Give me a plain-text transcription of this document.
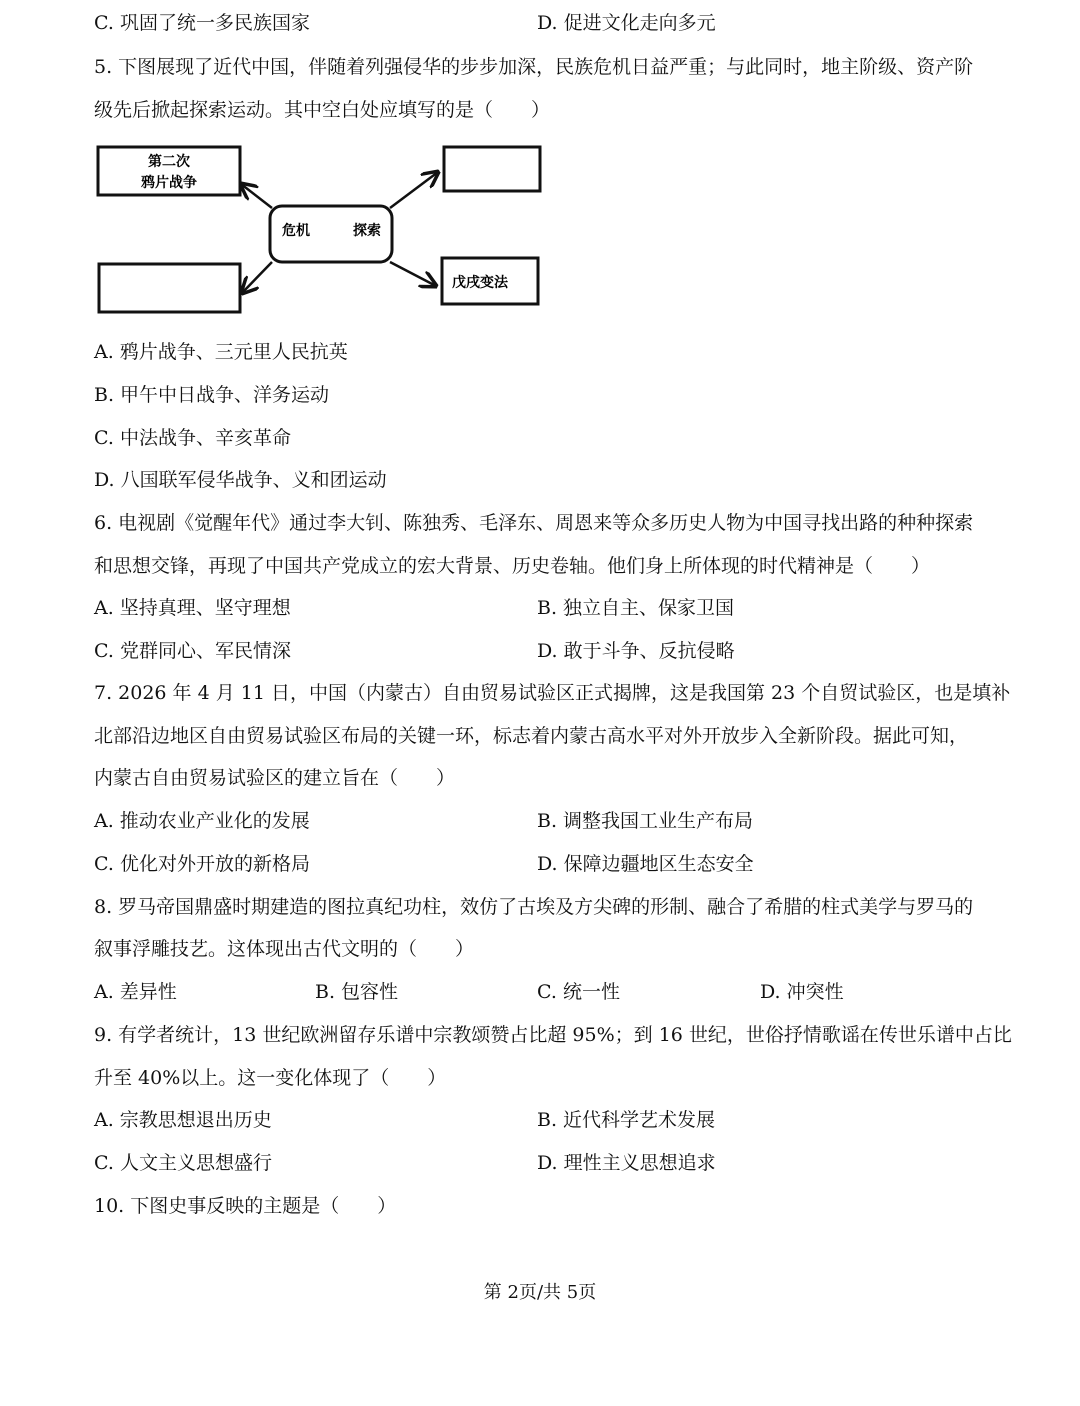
C. 巩固了统一多民族国家	D. 促进文化走向多元
5. 下图展现了近代中国，伴随着列强侵华的步步加深，民族危机日益严重；与此同时，地主阶级、资产阶
级先后掀起探索运动。其中空白处应填写的是（　　）
第二次
鸦片战争
危机	探索
戊戌变法
A. 鸦片战争、三元里人民抗英
B. 甲午中日战争、洋务运动
C. 中法战争、辛亥革命
D. 八国联军侵华战争、义和团运动
6. 电视剧《觉醒年代》通过李大钊、陈独秀、毛泽东、周恩来等众多历史人物为中国寻找出路的种种探索
和思想交锋，再现了中国共产党成立的宏大背景、历史卷轴。他们身上所体现的时代精神是（　　）
A. 坚持真理、坚守理想	B. 独立自主、保家卫国
C. 党群同心、军民情深	D. 敢于斗争、反抗侵略
7. 2026 年 4 月 11 日，中国（内蒙古）自由贸易试验区正式揭牌，这是我国第 23 个自贸试验区，也是填补
北部沿边地区自由贸易试验区布局的关键一环，标志着内蒙古高水平对外开放步入全新阶段。据此可知，
内蒙古自由贸易试验区的建立旨在（　　）
A. 推动农业产业化的发展	B. 调整我国工业生产布局
C. 优化对外开放的新格局	D. 保障边疆地区生态安全
8. 罗马帝国鼎盛时期建造的图拉真纪功柱，效仿了古埃及方尖碑的形制、融合了希腊的柱式美学与罗马的
叙事浮雕技艺。这体现出古代文明的（　　）
A. 差异性	B. 包容性	C. 统一性	D. 冲突性
9. 有学者统计，13 世纪欧洲留存乐谱中宗教颂赞占比超 95%；到 16 世纪，世俗抒情歌谣在传世乐谱中占比
升至 40%以上。这一变化体现了（　　）
A. 宗教思想退出历史	B. 近代科学艺术发展
C. 人文主义思想盛行	D. 理性主义思想追求
10. 下图史事反映的主题是（　　）
第 2页/共 5页
